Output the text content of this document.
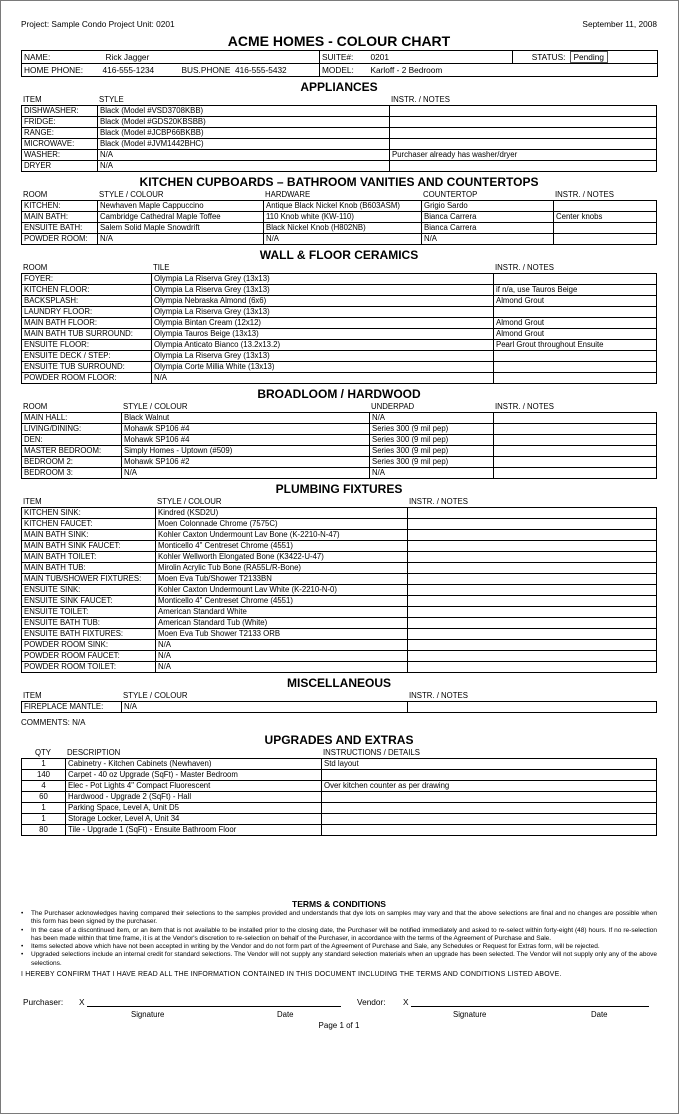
Project: Sample Condo Project Unit: 0201	September 11, 2008
ACME HOMES - COLOUR CHART
NAME:	Rick Jagger		SUITE#:	0201	STATUS:	Pending
HOME PHONE:	416-555-1234	BUS.PHONE 416-555-5432	MODEL:	Karloff - 2 Bedroom		
APPLIANCES
ITEM	STYLE	INSTR. / NOTES
DISHWASHER:	Black (Model #VSD3708KBB)	
FRIDGE:	Black (Model #GDS20KBSBB)	
RANGE:	Black (Model #JCBP66BKBB)	
MICROWAVE:	Black (Model #JVM1442BHC)	
WASHER:	N/A	Purchaser already has washer/dryer
DRYER	N/A	
KITCHEN CUPBOARDS – BATHROOM VANITIES AND COUNTERTOPS
ROOM	STYLE / COLOUR	HARDWARE	COUNTERTOP	INSTR. / NOTES
KITCHEN:	Newhaven Maple Cappuccino	Antique Black Nickel Knob (B603ASM)	Grigio Sardo	
MAIN BATH:	Cambridge Cathedral Maple Toffee	110 Knob white (KW-110)	Bianca Carrera	Center knobs
ENSUITE BATH:	Salem Solid Maple Snowdrift	Black Nickel Knob (H802NB)	Bianca Carrera	
POWDER ROOM:	N/A	N/A	N/A	
WALL & FLOOR CERAMICS
ROOM	TILE	INSTR. / NOTES
FOYER:	Olympia La Riserva Grey (13x13)	
KITCHEN FLOOR:	Olympia La Riserva Grey (13x13)	if n/a, use Tauros Beige
BACKSPLASH:	Olympia Nebraska Almond (6x6)	Almond Grout
LAUNDRY FLOOR:	Olympia La Riserva Grey (13x13)	
MAIN BATH FLOOR:	Olympia Bintan Cream (12x12)	Almond Grout
MAIN BATH TUB SURROUND:	Olympia Tauros Beige (13x13)	Almond Grout
ENSUITE FLOOR:	Olympia Anticato Bianco (13.2x13.2)	Pearl Grout throughout Ensuite
ENSUITE DECK / STEP:	Olympia La Riserva Grey (13x13)	
ENSUITE TUB SURROUND:	Olympia Corte Millia White (13x13)	
POWDER ROOM FLOOR:	N/A	
BROADLOOM / HARDWOOD
ROOM	STYLE / COLOUR	UNDERPAD	INSTR. / NOTES
MAIN HALL:	Black Walnut	N/A	
LIVING/DINING:	Mohawk SP106 #4	Series 300 (9 mil pep)	
DEN:	Mohawk SP106 #4	Series 300 (9 mil pep)	
MASTER BEDROOM:	Simply Homes - Uptown (#509)	Series 300 (9 mil pep)	
BEDROOM 2:	Mohawk SP106 #2	Series 300 (9 mil pep)	
BEDROOM 3:	N/A	N/A	
PLUMBING FIXTURES
ITEM	STYLE / COLOUR	INSTR. / NOTES
KITCHEN SINK:	Kindred (KSD2U)	
KITCHEN FAUCET:	Moen Colonnade Chrome (7575C)	
MAIN BATH SINK:	Kohler Caxton Undermount Lav Bone (K-2210-N-47)	
MAIN BATH SINK FAUCET:	Monticello 4" Centreset Chrome (4551)	
MAIN BATH TOILET:	Kohler Wellworth Elongated Bone (K3422-U-47)	
MAIN BATH TUB:	Mirolin Acrylic Tub Bone (RA55L/R-Bone)	
MAIN TUB/SHOWER FIXTURES:	Moen Eva Tub/Shower T2133BN	
ENSUITE SINK:	Kohler Caxton Undermount Lav White (K-2210-N-0)	
ENSUITE SINK FAUCET:	Monticello 4" Centreset Chrome (4551)	
ENSUITE TOILET:	American Standard White	
ENSUITE BATH TUB:	American Standard Tub (White)	
ENSUITE BATH FIXTURES:	Moen Eva Tub Shower T2133 ORB	
POWDER ROOM SINK:	N/A	
POWDER ROOM FAUCET:	N/A	
POWDER ROOM TOILET:	N/A	
MISCELLANEOUS
ITEM	STYLE / COLOUR	INSTR. / NOTES
FIREPLACE MANTLE:	N/A	
COMMENTS: N/A
UPGRADES AND EXTRAS
QTY	DESCRIPTION	INSTRUCTIONS / DETAILS
1	Cabinetry - Kitchen Cabinets (Newhaven)	Std layout
140	Carpet - 40 oz Upgrade (SqFt) - Master Bedroom	
4	Elec - Pot Lights 4" Compact Fluorescent	Over kitchen counter as per drawing
60	Hardwood - Upgrade 2 (SqFt) - Hall	
1	Parking Space, Level A, Unit D5	
1	Storage Locker, Level A, Unit 34	
80	Tile - Upgrade 1 (SqFt) - Ensuite Bathroom Floor	
TERMS & CONDITIONS
• The Purchaser acknowledges having compared their selections to the samples provided and understands that dye lots on samples may vary and that the above selections are final and no changes are possible when this form has been signed by the purchaser.
• In the case of a discontinued item, or an item that is not available to be installed prior to the closing date, the Purchaser will be notified immediately and asked to re-select within forty-eight (48) hours. If no re-selection has been made within that time frame, it is at the Vendor's discretion to re-selection on behalf of the Purchaser, in accordance with the terms of the Agreement of Purchase and Sale.
• Items selected above which have not been accepted in writing by the Vendor and do not form part of the Agreement of Purchase and Sale, any Schedules or Request for Extras form, will be rejected.
• Upgraded selections include an internal credit for standard selections. The Vendor will not supply any standard selection materials when an upgrade has been selected. The Vendor will not supply only any of the above selections.
I HEREBY CONFIRM THAT I HAVE READ ALL THE INFORMATION CONTAINED IN THIS DOCUMENT INCLUDING THE TERMS AND CONDITIONS LISTED ABOVE.
Purchaser: X	Vendor: X
Signature	Date	Signature	Date
Page 1 of 1
